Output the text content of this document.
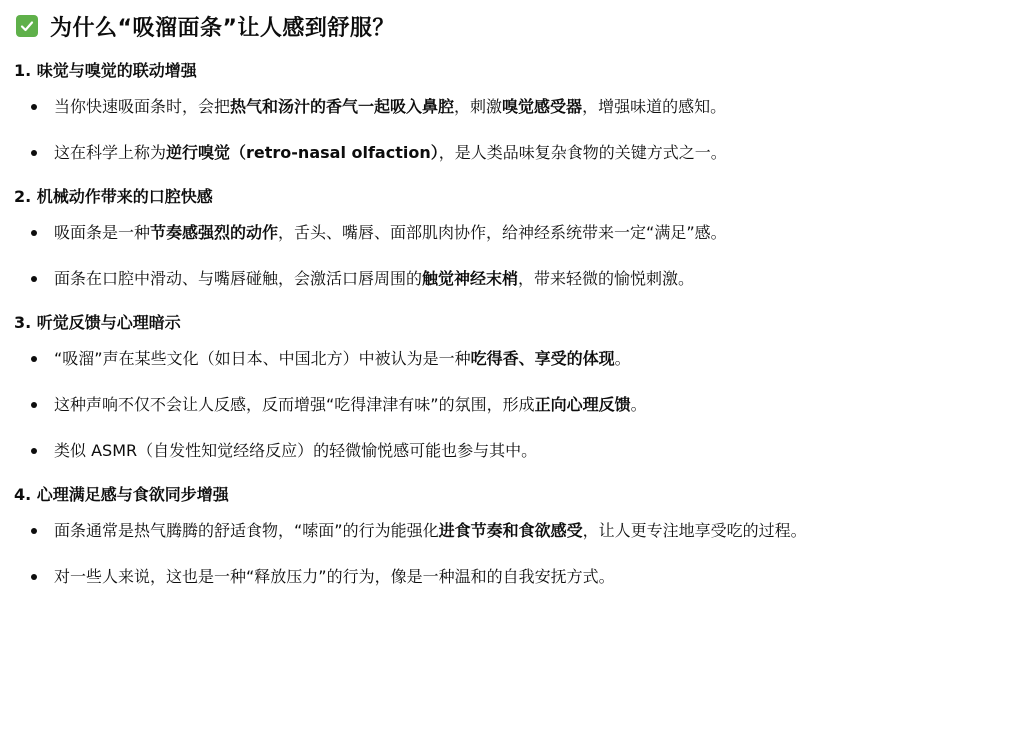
为什么“吸溜面条”让人感到舒服？
1. 味觉与嗅觉的联动增强
当你快速吸面条时，会把热气和汤汁的香气一起吸入鼻腔，刺激嗅觉感受器，增强味道的感知。
这在科学上称为逆行嗅觉（retro-nasal olfaction），是人类品味复杂食物的关键方式之一。
2. 机械动作带来的口腔快感
吸面条是一种节奏感强烈的动作，舌头、嘴唇、面部肌肉协作，给神经系统带来一定“满足”感。
面条在口腔中滑动、与嘴唇碰触，会激活口唇周围的触觉神经末梢，带来轻微的愉悦刺激。
3. 听觉反馈与心理暗示
“吸溜”声在某些文化（如日本、中国北方）中被认为是一种吃得香、享受的体现。
这种声响不仅不会让人反感，反而增强“吃得津津有味”的氛围，形成正向心理反馈。
类似 ASMR（自发性知觉经络反应）的轻微愉悦感可能也参与其中。
4. 心理满足感与食欲同步增强
面条通常是热气腾腾的舒适食物，“嗦面”的行为能强化进食节奏和食欲感受，让人更专注地享受吃的过程。
对一些人来说，这也是一种“释放压力”的行为，像是一种温和的自我安抚方式。
